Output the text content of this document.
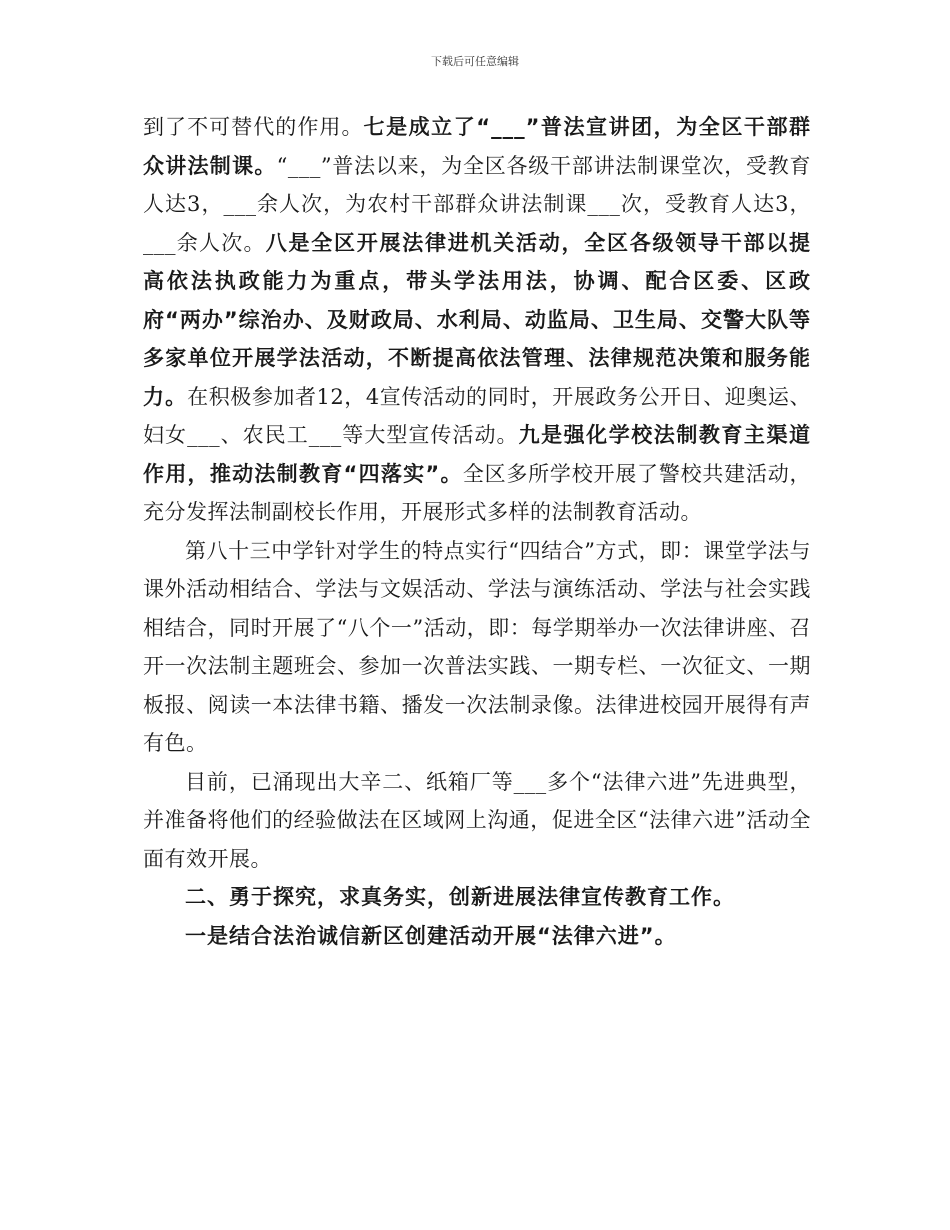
下载后可任意编辑

到了不可替代的作用。七是成立了“___”普法宣讲团，为全区干部群众讲法制课。“___”普法以来，为全区各级干部讲法制课堂次，受教育人达3，___余人次，为农村干部群众讲法制课___次，受教育人达3，___余人次。八是全区开展法律进机关活动，全区各级领导干部以提高依法执政能力为重点，带头学法用法，协调、配合区委、区政府“两办”综治办、及财政局、水利局、动监局、卫生局、交警大队等多家单位开展学法活动，不断提高依法管理、法律规范决策和服务能力。在积极参加者12，4宣传活动的同时，开展政务公开日、迎奥运、妇女___、农民工___等大型宣传活动。九是强化学校法制教育主渠道作用，推动法制教育“四落实”。全区多所学校开展了警校共建活动，充分发挥法制副校长作用，开展形式多样的法制教育活动。

第八十三中学针对学生的特点实行“四结合”方式，即：课堂学法与课外活动相结合、学法与文娱活动、学法与演练活动、学法与社会实践相结合，同时开展了“八个一”活动，即：每学期举办一次法律讲座、召开一次法制主题班会、参加一次普法实践、一期专栏、一次征文、一期板报、阅读一本法律书籍、播发一次法制录像。法律进校园开展得有声有色。

目前，已涌现出大辛二、纸箱厂等___多个“法律六进”先进典型，并准备将他们的经验做法在区域网上沟通，促进全区“法律六进”活动全面有效开展。

二、勇于探究，求真务实，创新进展法律宣传教育工作。

一是结合法治诚信新区创建活动开展“法律六进”。
